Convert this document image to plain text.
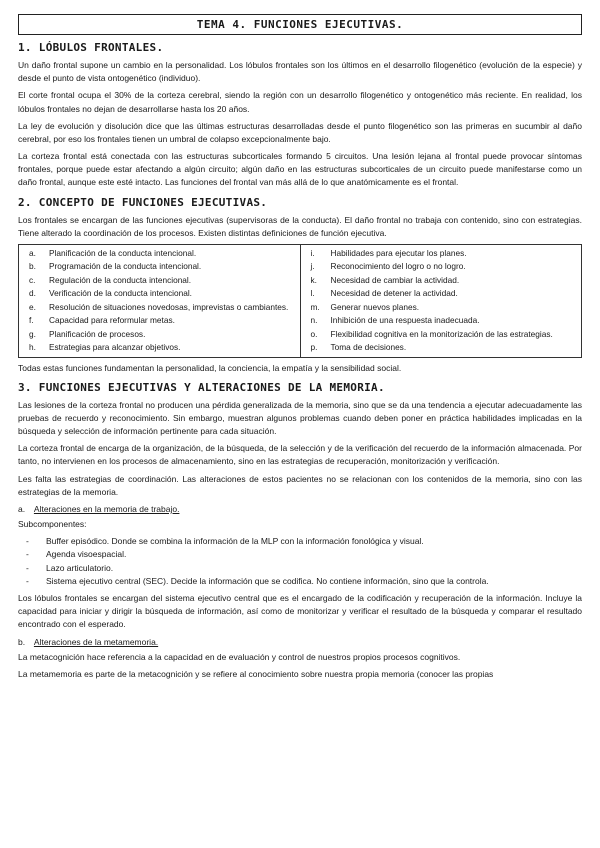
TEMA 4. FUNCIONES EJECUTIVAS.
1. LÓBULOS FRONTALES.

Un daño frontal supone un cambio en la personalidad. Los lóbulos frontales son los últimos en el desarrollo filogenético (evolución de la especie) y desde el punto de vista ontogenético (individuo).

El corte frontal ocupa el 30% de la corteza cerebral, siendo la región con un desarrollo filogenético y ontogenético más reciente. En realidad, los lóbulos frontales no dejan de desarrollarse hasta los 20 años.

La ley de evolución y disolución dice que las últimas estructuras desarrolladas desde el punto filogenético son las primeras en sucumbir al daño cerebral, por eso los frontales tienen un umbral de colapso excepcionalmente bajo.

La corteza frontal está conectada con las estructuras subcorticales formando 5 circuitos. Una lesión lejana al frontal puede provocar síntomas frontales, porque puede estar afectando a algún circuito; algún daño en las estructuras subcorticales de un circuito puede manifestarse como un daño frontal, aunque este esté intacto. Las funciones del frontal van más allá de lo que anatómicamente es el frontal.

2. CONCEPTO DE FUNCIONES EJECUTIVAS.

Los frontales se encargan de las funciones ejecutivas (supervisoras de la conducta). El daño frontal no trabaja con contenido, sino con estrategias. Tiene alterado la coordinación de los procesos. Existen distintas definiciones de función ejecutiva.

a.	Planificación de la conducta intencional.
b.	Programación de la conducta intencional.
c.	Regulación de la conducta intencional.
d.	Verificación de la conducta intencional.
e.	Resolución de situaciones novedosas, imprevistas o cambiantes.
f.	Capacidad para reformular metas.
g.	Planificación de procesos.
h.	Estrategias para alcanzar objetivos.

i.	Habilidades para ejecutar los planes.
j.	Reconocimiento del logro o no logro.
k.	Necesidad de cambiar la actividad.
l.	Necesidad de detener la actividad.
m.	Generar nuevos planes.
n.	Inhibición de una respuesta inadecuada.
o.	Flexibilidad cognitiva en la monitorización de las estrategias.
p.	Toma de decisiones.

Todas estas funciones fundamentan la personalidad, la conciencia, la empatía y la sensibilidad social.

3. FUNCIONES EJECUTIVAS Y ALTERACIONES DE LA MEMORIA.

Las lesiones de la corteza frontal no producen una pérdida generalizada de la memoria, sino que se da una tendencia a ejecutar adecuadamente las pruebas de recuerdo y reconocimiento. Sin embargo, muestran algunos problemas cuando deben poner en práctica habilidades implicadas en la búsqueda y selección de información pertinente para cada situación.

La corteza frontal de encarga de la organización, de la búsqueda, de la selección y de la verificación del recuerdo de la información almacenada. Por tanto, no intervienen en los procesos de almacenamiento, sino en las estrategias de recuperación, monitorización y verificación.

Les falta las estrategias de coordinación. Las alteraciones de estos pacientes no se relacionan con los contenidos de la memoria, sino con las estrategias de la memoria.

a. Alteraciones en la memoria de trabajo.

Subcomponentes:

-	Buffer episódico. Donde se combina la información de la MLP con la información fonológica y visual.
-	Agenda visoespacial.
-	Lazo articulatorio.
-	Sistema ejecutivo central (SEC). Decide la información que se codifica. No contiene información, sino que la controla.

Los lóbulos frontales se encargan del sistema ejecutivo central que es el encargado de la codificación y recuperación de la información. Incluye la capacidad para iniciar y dirigir la búsqueda de información, así como de monitorizar y verificar el resultado de la búsqueda y comparar el resultado encontrado con el esperado.

b. Alteraciones de la metamemoria.

La metacognición hace referencia a la capacidad en de evaluación y control de nuestros propios procesos cognitivos.

La metamemoria es parte de la metacognición y se refiere al conocimiento sobre nuestra propia memoria (conocer las propias
